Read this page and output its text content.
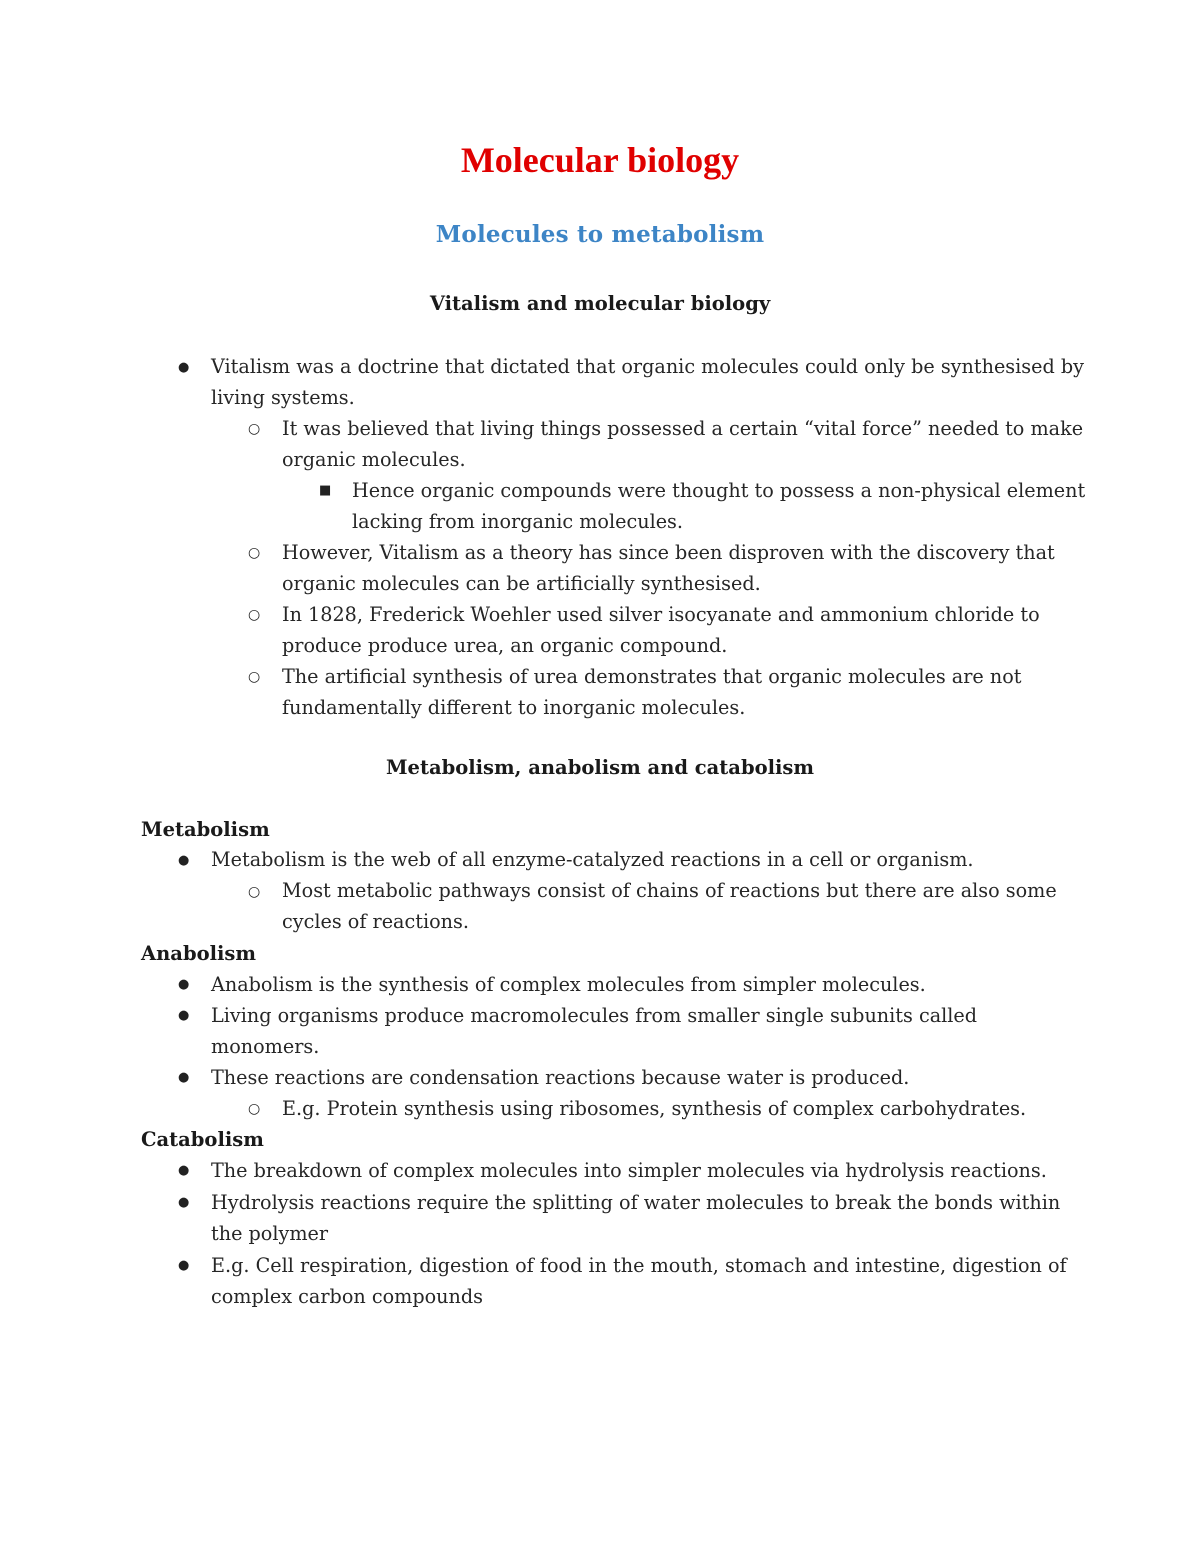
Molecular biology
Molecules to metabolism
Vitalism and molecular biology
● Vitalism was a doctrine that dictated that organic molecules could only be synthesised by
living systems.
○ It was believed that living things possessed a certain “vital force” needed to make
organic molecules.
■ Hence organic compounds were thought to possess a non-physical element
lacking from inorganic molecules.
○ However, Vitalism as a theory has since been disproven with the discovery that
organic molecules can be artificially synthesised.
○ In 1828, Frederick Woehler used silver isocyanate and ammonium chloride to
produce produce urea, an organic compound.
○ The artificial synthesis of urea demonstrates that organic molecules are not
fundamentally different to inorganic molecules.
Metabolism, anabolism and catabolism
Metabolism
● Metabolism is the web of all enzyme-catalyzed reactions in a cell or organism.
○ Most metabolic pathways consist of chains of reactions but there are also some
cycles of reactions.
Anabolism
● Anabolism is the synthesis of complex molecules from simpler molecules.
● Living organisms produce macromolecules from smaller single subunits called
monomers.
● These reactions are condensation reactions because water is produced.
○ E.g. Protein synthesis using ribosomes, synthesis of complex carbohydrates.
Catabolism
● The breakdown of complex molecules into simpler molecules via hydrolysis reactions.
● Hydrolysis reactions require the splitting of water molecules to break the bonds within
the polymer
● E.g. Cell respiration, digestion of food in the mouth, stomach and intestine, digestion of
complex carbon compounds
